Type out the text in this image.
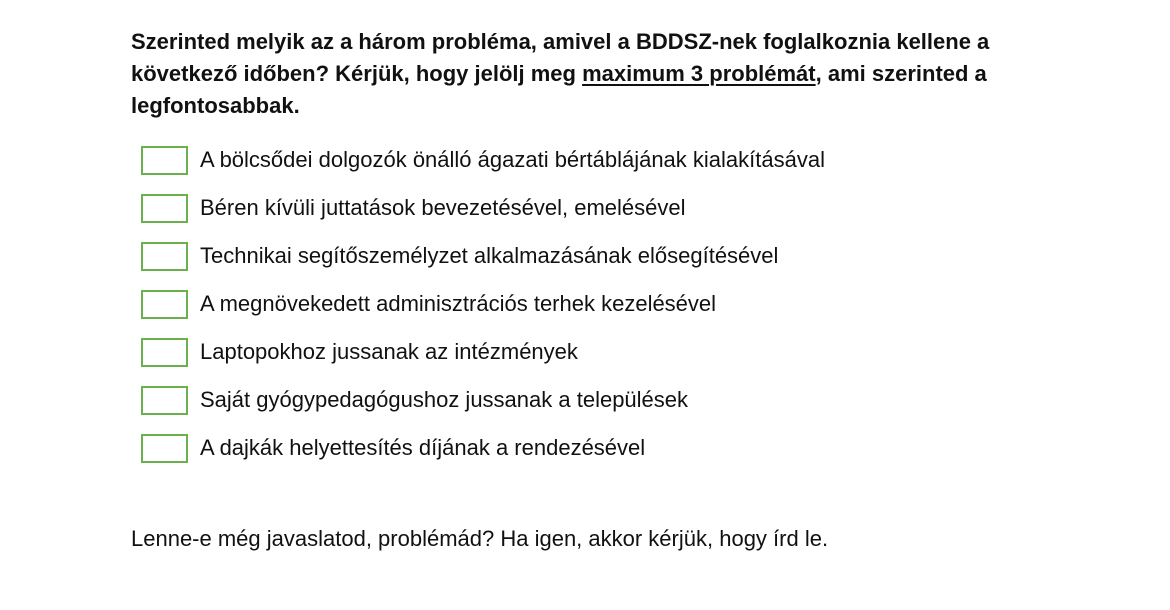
Szerinted melyik az a három probléma, amivel a BDDSZ-nek foglalkoznia kellene a következő időben? Kérjük, hogy jelölj meg maximum 3 problémát, ami szerinted a legfontosabbak.

A bölcsődei dolgozók önálló ágazati bértáblájának kialakításával
Béren kívüli juttatások bevezetésével, emelésével
Technikai segítőszemélyzet alkalmazásának elősegítésével
A megnövekedett adminisztrációs terhek kezelésével
Laptopokhoz jussanak az intézmények
Saját gyógypedagógushoz jussanak a települések
A dajkák helyettesítés díjának a rendezésével

Lenne-e még javaslatod, problémád? Ha igen, akkor kérjük, hogy írd le.
